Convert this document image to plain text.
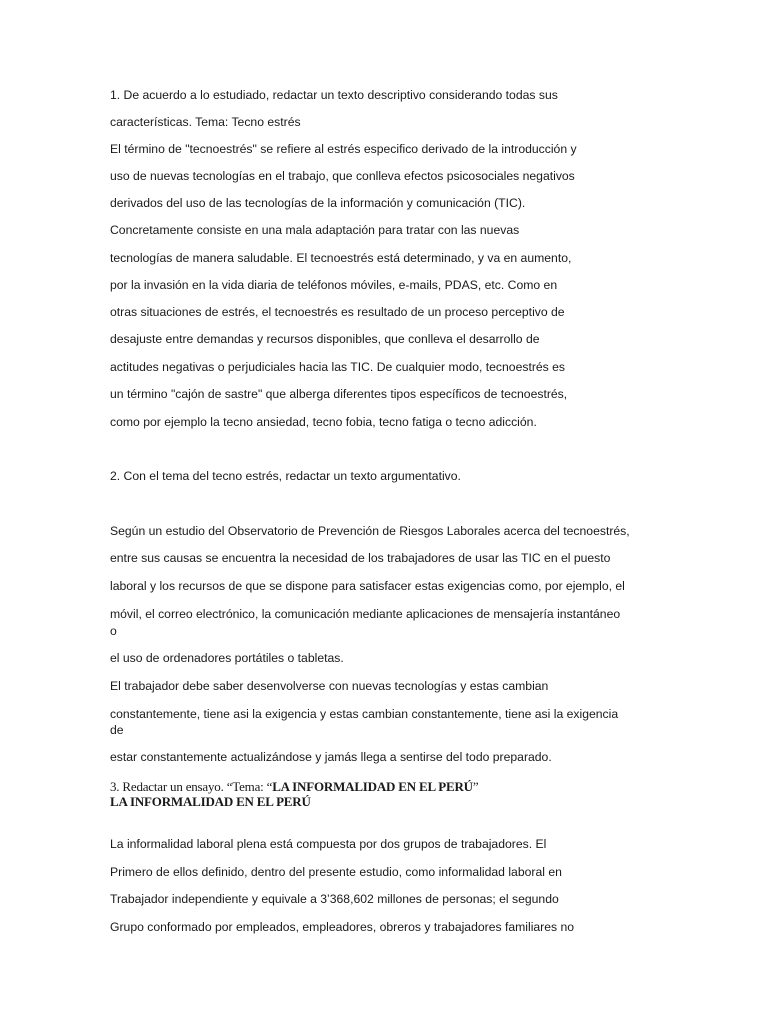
1. De acuerdo a lo estudiado, redactar un texto descriptivo considerando todas sus
características. Tema: Tecno estrés
El término de "tecnoestrés" se refiere al estrés especifico derivado de la introducción y
uso de nuevas tecnologías en el trabajo, que conlleva efectos psicosociales negativos
derivados del uso de las tecnologías de la información y comunicación (TIC).
Concretamente consiste en una mala adaptación para tratar con las nuevas
tecnologías de manera saludable. El tecnoestrés está determinado, y va en aumento,
por la invasión en la vida diaria de teléfonos móviles, e-mails, PDAS, etc. Como en
otras situaciones de estrés, el tecnoestrés es resultado de un proceso perceptivo de
desajuste entre demandas y recursos disponibles, que conlleva el desarrollo de
actitudes negativas o perjudiciales hacia las TIC. De cualquier modo, tecnoestrés es
un término "cajón de sastre" que alberga diferentes tipos específicos de tecnoestrés,
como por ejemplo la tecno ansiedad, tecno fobia, tecno fatiga o tecno adicción.
2. Con el tema del tecno estrés, redactar un texto argumentativo.
Según un estudio del Observatorio de Prevención de Riesgos Laborales acerca del tecnoestrés,
entre sus causas se encuentra la necesidad de los trabajadores de usar las TIC en el puesto
laboral y los recursos de que se dispone para satisfacer estas exigencias como, por ejemplo, el
móvil, el correo electrónico, la comunicación mediante aplicaciones de mensajería instantáneo
o
el uso de ordenadores portátiles o tabletas.
El trabajador debe saber desenvolverse con nuevas tecnologías y estas cambian
constantemente, tiene asi la exigencia y estas cambian constantemente, tiene asi la exigencia
de
estar constantemente actualizándose y jamás llega a sentirse del todo preparado.
3. Redactar un ensayo. “Tema: “LA INFORMALIDAD EN EL PERÚ”
LA INFORMALIDAD EN EL PERÚ
La informalidad laboral plena está compuesta por dos grupos de trabajadores. El
Primero de ellos definido, dentro del presente estudio, como informalidad laboral en
Trabajador independiente y equivale a 3’368,602 millones de personas; el segundo
Grupo conformado por empleados, empleadores, obreros y trabajadores familiares no
